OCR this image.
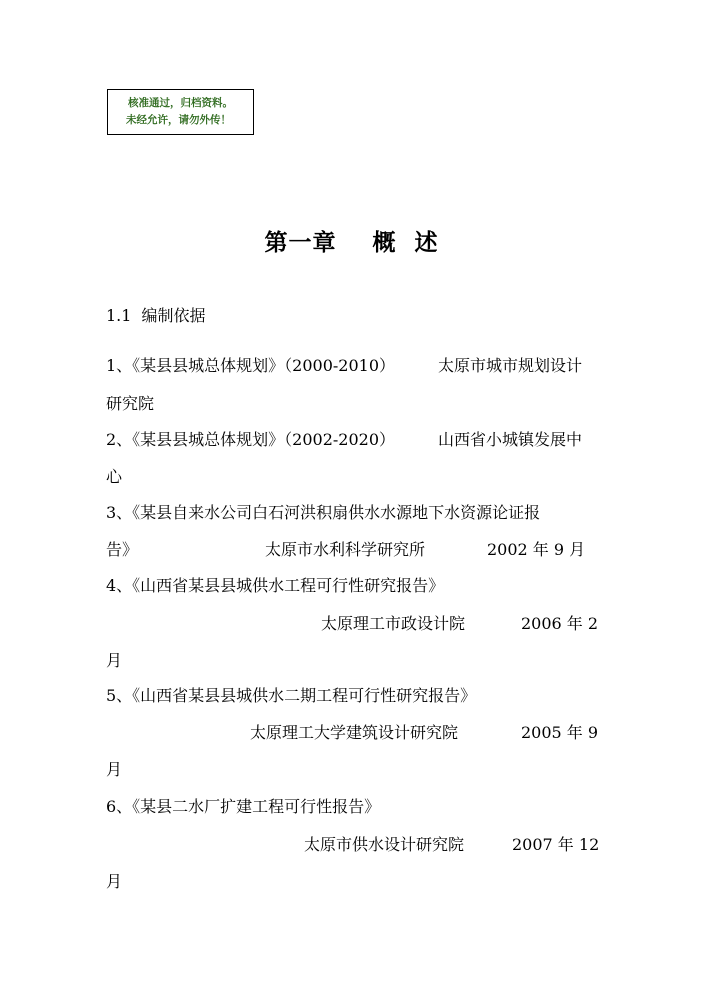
核准通过，归档资料。
未经允许，请勿外传！
第一章    概  述
1.1 编制依据
1、《某县县城总体规划》（2000-2010）	太原市城市规划设计
研究院
2、《某县县城总体规划》（2002-2020）	山西省小城镇发展中
心
3、《某县自来水公司白石河洪积扇供水水源地下水资源论证报
告》	太原市水利科学研究所	2002 年 9 月
4、《山西省某县县城供水工程可行性研究报告》
太原理工市政设计院	2006 年 2
月
5、《山西省某县县城供水二期工程可行性研究报告》
太原理工大学建筑设计研究院	2005 年 9
月
6、《某县二水厂扩建工程可行性报告》
太原市供水设计研究院	2007 年 12
月
